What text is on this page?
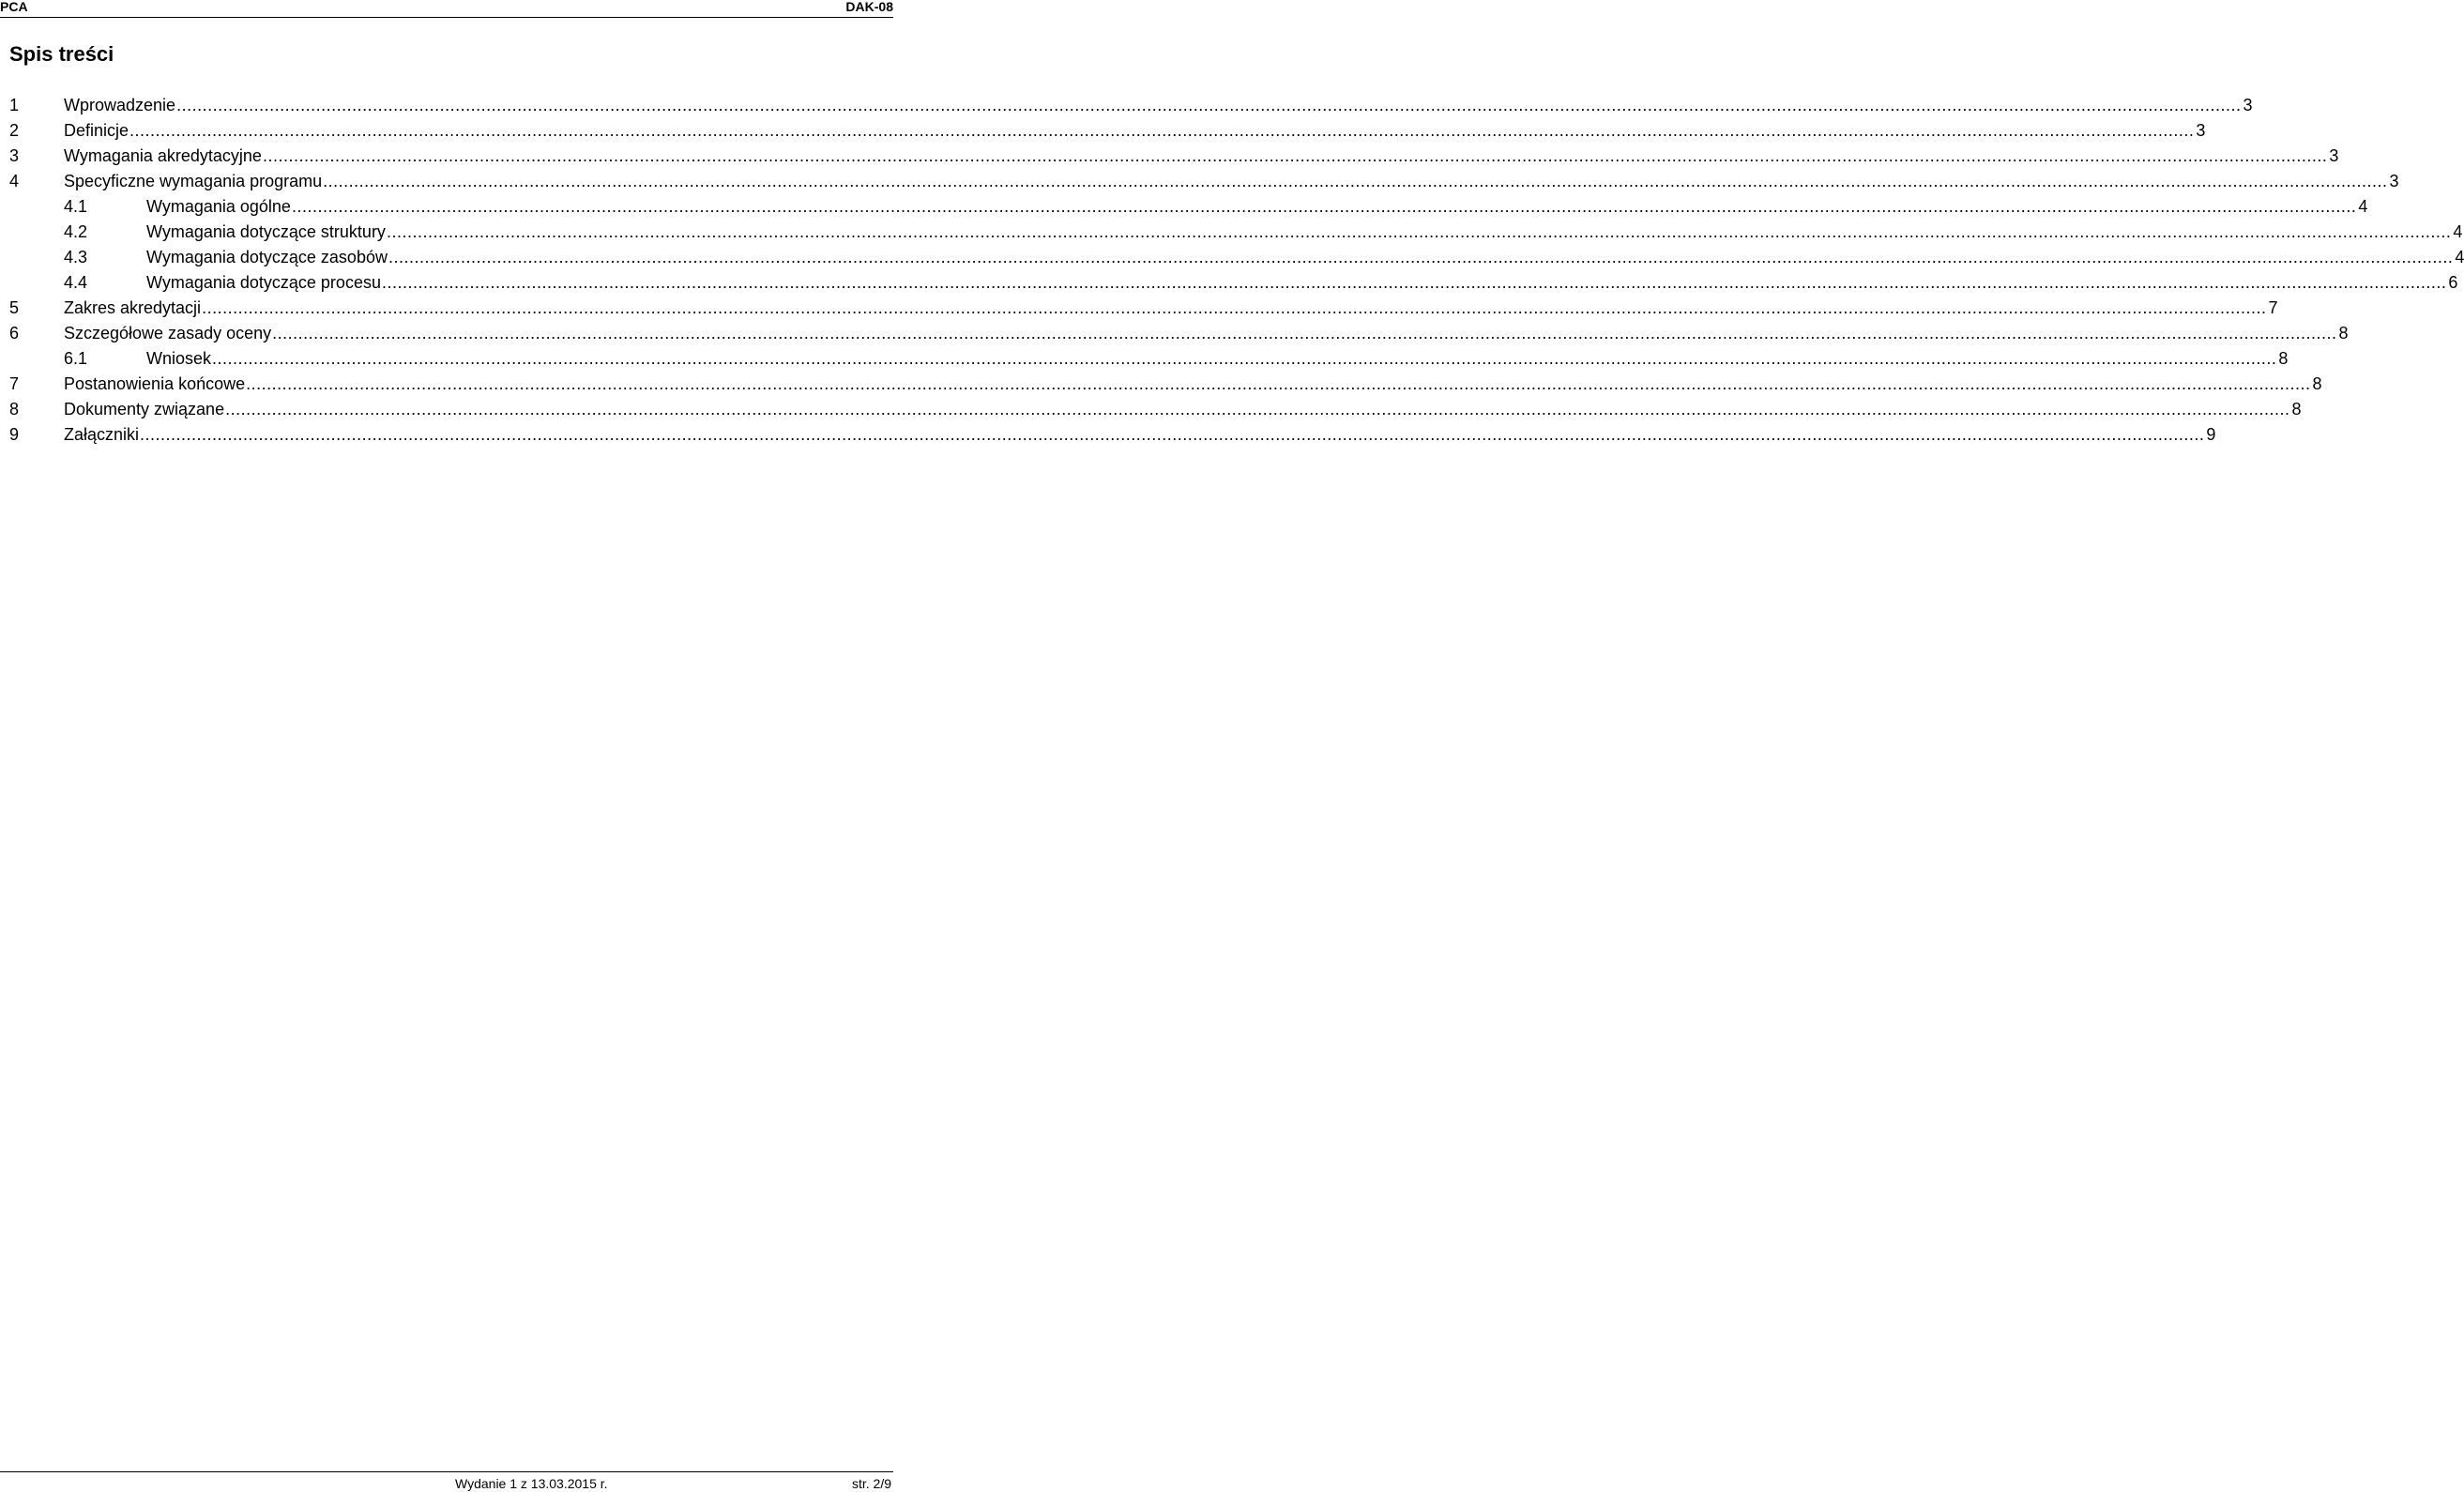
PCA	DAK-08
Spis treści
1	Wprowadzenie ................................................................................................................................................................................................................................................................................................................................................................................................................ 3
2	Definicje ................................................................................................................................................................................................................................................................................................................................................................................................................ 3
3	Wymagania akredytacyjne ................................................................................................................................................................................................................................................................................................................................................................................................................ 3
4	Specyficzne wymagania programu ................................................................................................................................................................................................................................................................................................................................................................................................................ 3
4.1	Wymagania ogólne ................................................................................................................................................................................................................................................................................................................................................................................................................ 4
4.2	Wymagania dotyczące struktury ................................................................................................................................................................................................................................................................................................................................................................................................................ 4
4.3	Wymagania dotyczące zasobów ................................................................................................................................................................................................................................................................................................................................................................................................................ 4
4.4	Wymagania dotyczące procesu ................................................................................................................................................................................................................................................................................................................................................................................................................ 6
5	Zakres akredytacji ................................................................................................................................................................................................................................................................................................................................................................................................................ 7
6	Szczegółowe zasady oceny ................................................................................................................................................................................................................................................................................................................................................................................................................ 8
6.1	Wniosek ................................................................................................................................................................................................................................................................................................................................................................................................................ 8
7	Postanowienia końcowe ................................................................................................................................................................................................................................................................................................................................................................................................................ 8
8	Dokumenty związane ................................................................................................................................................................................................................................................................................................................................................................................................................ 8
9	Załączniki ................................................................................................................................................................................................................................................................................................................................................................................................................ 9
Wydanie 1 z 13.03.2015 r.	str. 2/9
